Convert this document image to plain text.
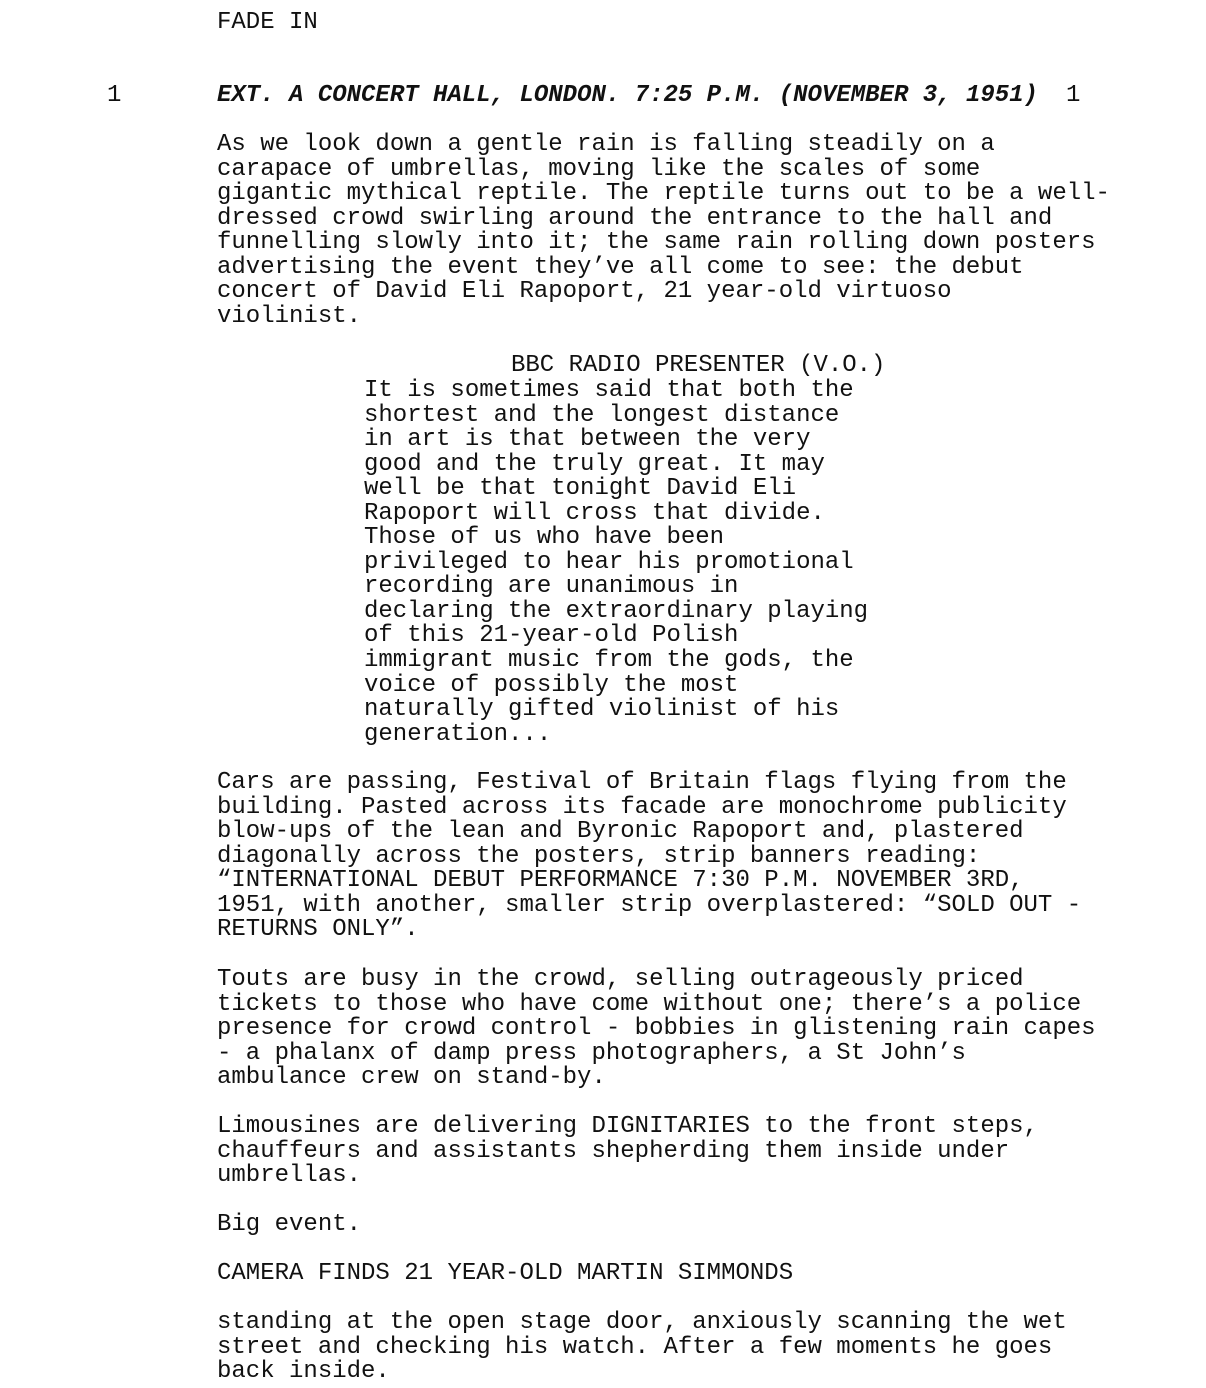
FADE IN
1	EXT. A CONCERT HALL, LONDON. 7:25 P.M. (NOVEMBER 3, 1951) 1
As we look down a gentle rain is falling steadily on a
carapace of umbrellas, moving like the scales of some
gigantic mythical reptile. The reptile turns out to be a well-
dressed crowd swirling around the entrance to the hall and
funnelling slowly into it; the same rain rolling down posters
advertising the event they’ve all come to see: the debut
concert of David Eli Rapoport, 21 year-old virtuoso
violinist.
BBC RADIO PRESENTER (V.O.)
It is sometimes said that both the
shortest and the longest distance
in art is that between the very
good and the truly great. It may
well be that tonight David Eli
Rapoport will cross that divide.
Those of us who have been
privileged to hear his promotional
recording are unanimous in
declaring the extraordinary playing
of this 21-year-old Polish
immigrant music from the gods, the
voice of possibly the most
naturally gifted violinist of his
generation...
Cars are passing, Festival of Britain flags flying from the
building. Pasted across its facade are monochrome publicity
blow-ups of the lean and Byronic Rapoport and, plastered
diagonally across the posters, strip banners reading:
“INTERNATIONAL DEBUT PERFORMANCE 7:30 P.M. NOVEMBER 3RD,
1951, with another, smaller strip overplastered: “SOLD OUT -
RETURNS ONLY”.
Touts are busy in the crowd, selling outrageously priced
tickets to those who have come without one; there’s a police
presence for crowd control - bobbies in glistening rain capes
- a phalanx of damp press photographers, a St John’s
ambulance crew on stand-by.
Limousines are delivering DIGNITARIES to the front steps,
chauffeurs and assistants shepherding them inside under
umbrellas.
Big event.
CAMERA FINDS 21 YEAR-OLD MARTIN SIMMONDS
standing at the open stage door, anxiously scanning the wet
street and checking his watch. After a few moments he goes
back inside.
